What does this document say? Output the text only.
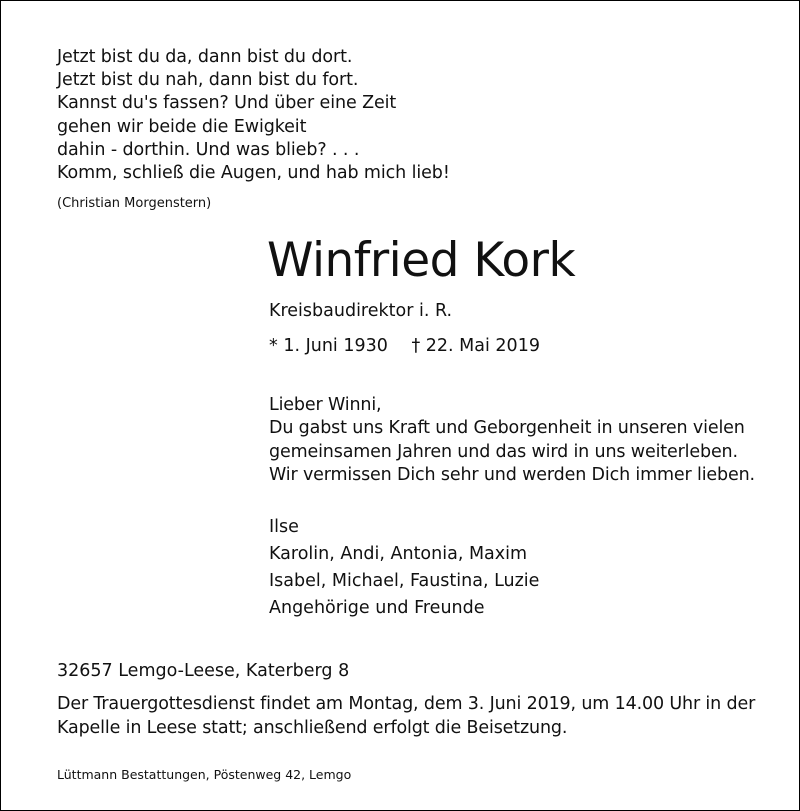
Jetzt bist du da, dann bist du dort.
Jetzt bist du nah, dann bist du fort.
Kannst du's fassen? Und über eine Zeit
gehen wir beide die Ewigkeit
dahin - dorthin. Und was blieb? . . .
Komm, schließ die Augen, und hab mich lieb!
(Christian Morgenstern)
Winfried Kork
Kreisbaudirektor i. R.
* 1. Juni 1930 † 22. Mai 2019
Lieber Winni,
Du gabst uns Kraft und Geborgenheit in unseren vielen
gemeinsamen Jahren und das wird in uns weiterleben.
Wir vermissen Dich sehr und werden Dich immer lieben.
Ilse
Karolin, Andi, Antonia, Maxim
Isabel, Michael, Faustina, Luzie
Angehörige und Freunde
32657 Lemgo-Leese, Katerberg 8
Der Trauergottesdienst findet am Montag, dem 3. Juni 2019, um 14.00 Uhr in der
Kapelle in Leese statt; anschließend erfolgt die Beisetzung.
Lüttmann Bestattungen, Pöstenweg 42, Lemgo
